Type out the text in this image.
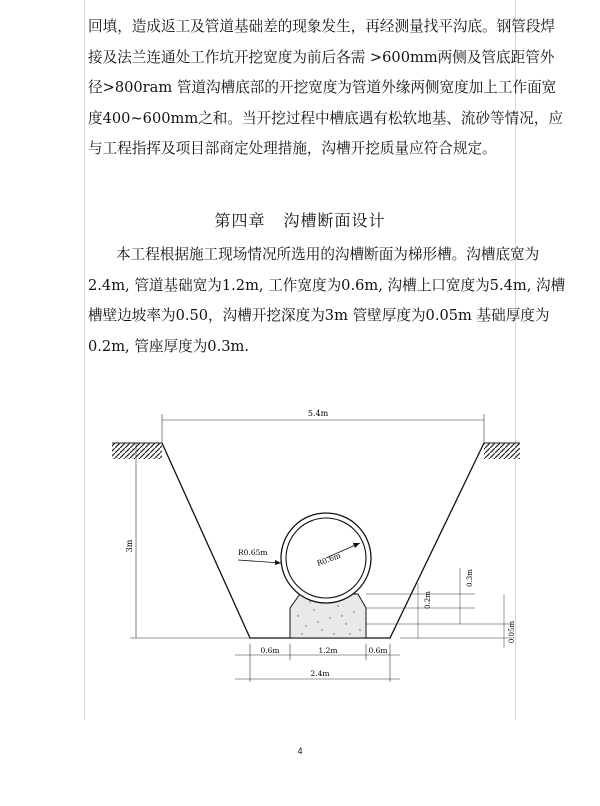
回填，造成返工及管道基础差的现象发生，再经测量找平沟底。钢管段焊
接及法兰连通处工作坑开挖宽度为前后各需 >600mm两侧及管底距管外
径>800ram 管道沟槽底部的开挖宽度为管道外缘两侧宽度加上工作面宽
度400~600mm之和。当开挖过程中槽底遇有松软地基、流砂等情况，应
与工程指挥及项目部商定处理措施，沟槽开挖质量应符合规定。
第四章 沟槽断面设计
本工程根据施工现场情况所选用的沟槽断面为梯形槽。沟槽底宽为
2.4m, 管道基础宽为1.2m, 工作宽度为0.6m, 沟槽上口宽度为5.4m, 沟槽
槽壁边坡率为0.50，沟槽开挖深度为3m 管壁厚度为0.05m 基础厚度为
0.2m, 管座厚度为0.3m.
5.4m
3m
R0.65m	R0.6m
0.3m
0.2m
0.05m
0.6m	1.2m	0.6m
2.4m
4
